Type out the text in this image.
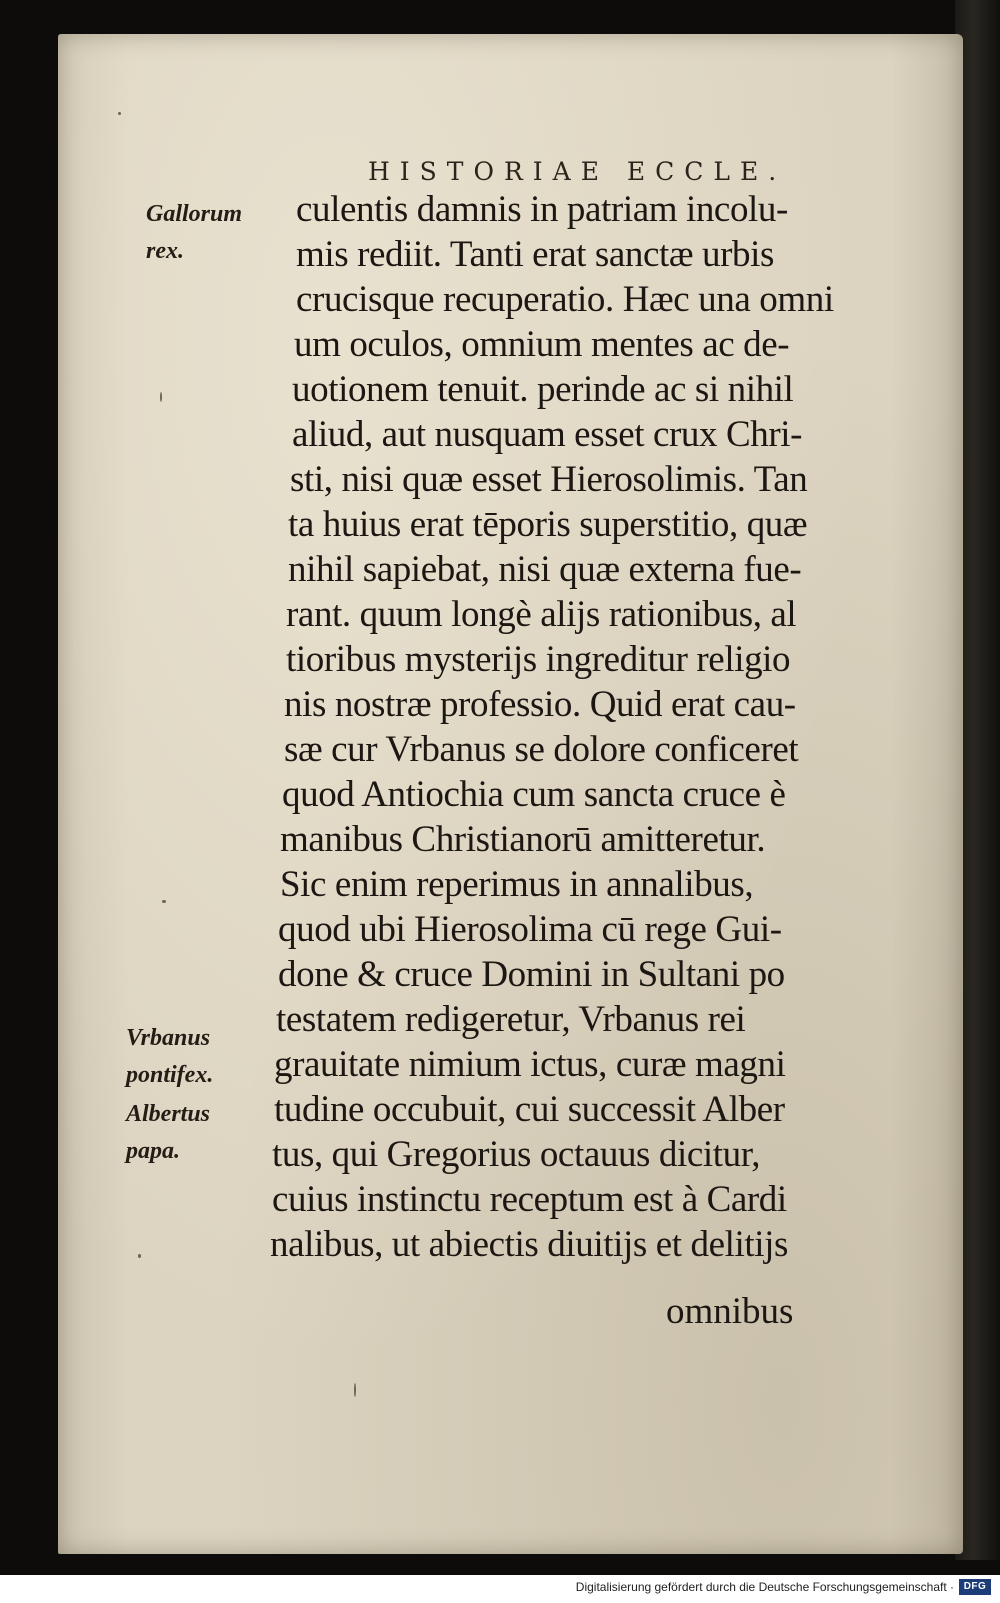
HISTORIAE ECCLE.
Gallorum
rex.
Vrbanus
pontifex.
Albertus
papa.
culentis damnis in patriam incolu-
mis rediit. Tanti erat sanctæ urbis
crucisque recuperatio. Hæc una omni
um oculos, omnium mentes ac de-
uotionem tenuit. perinde ac si nihil
aliud, aut nusquam esset crux Chri-
sti, nisi quæ esset Hierosolimis. Tan
ta huius erat tēporis superstitio, quæ
nihil sapiebat, nisi quæ externa fue-
rant. quum longè alijs rationibus, al
tioribus mysterijs ingreditur religio
nis nostræ professio. Quid erat cau-
sæ cur Vrbanus se dolore conficeret
quod Antiochia cum sancta cruce è
manibus Christianorū amitteretur.
Sic enim reperimus in annalibus,
quod ubi Hierosolima cū rege Gui-
done & cruce Domini in Sultani po
testatem redigeretur, Vrbanus rei
grauitate nimium ictus, curæ magni
tudine occubuit, cui successit Alber
tus, qui Gregorius octauus dicitur,
cuius instinctu receptum est à Cardi
nalibus, ut abiectis diuitijs et delitijs
omnibus
Digitalisierung gefördert durch die Deutsche Forschungsgemeinschaft · DFG
